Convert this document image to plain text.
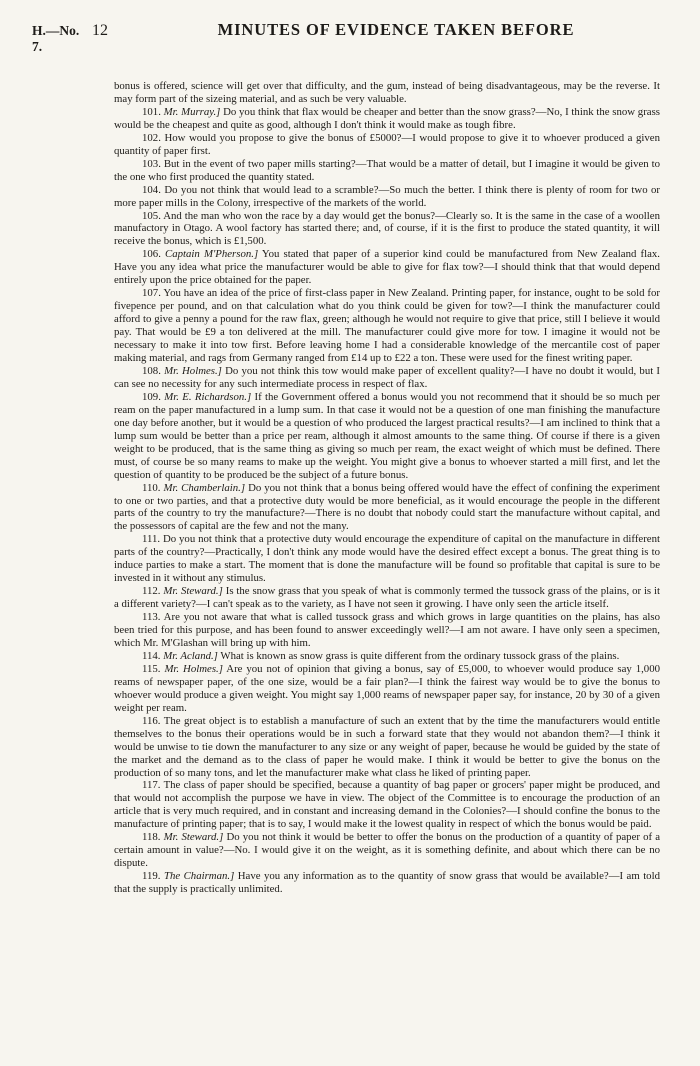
H.—No. 7.
12	MINUTES OF EVIDENCE TAKEN BEFORE

bonus is offered, science will get over that difficulty, and the gum, instead of being disadvantageous, may be the reverse. It may form part of the sizeing material, and as such be very valuable.

101. Mr. Murray.] Do you think that flax would be cheaper and better than the snow grass?—No, I think the snow grass would be the cheapest and quite as good, although I don't think it would make as tough fibre.

102. How would you propose to give the bonus of £5000?—I would propose to give it to whoever produced a given quantity of paper first.

103. But in the event of two paper mills starting?—That would be a matter of detail, but I imagine it would be given to the one who first produced the quantity stated.

104. Do you not think that would lead to a scramble?—So much the better. I think there is plenty of room for two or more paper mills in the Colony, irrespective of the markets of the world.

105. And the man who won the race by a day would get the bonus?—Clearly so. It is the same in the case of a woollen manufactory in Otago. A wool factory has started there; and, of course, if it is the first to produce the stated quantity, it will receive the bonus, which is £1,500.

106. Captain M'Pherson.] You stated that paper of a superior kind could be manufactured from New Zealand flax. Have you any idea what price the manufacturer would be able to give for flax tow?—I should think that that would depend entirely upon the price obtained for the paper.

107. You have an idea of the price of first-class paper in New Zealand. Printing paper, for instance, ought to be sold for fivepence per pound, and on that calculation what do you think could be given for tow?—I think the manufacturer could afford to give a penny a pound for the raw flax, green; although he would not require to give that price, still I believe it would pay. That would be £9 a ton delivered at the mill. The manufacturer could give more for tow. I imagine it would not be necessary to make it into tow first. Before leaving home I had a considerable knowledge of the mercantile cost of paper making material, and rags from Germany ranged from £14 up to £22 a ton. These were used for the finest writing paper.

108. Mr. Holmes.] Do you not think this tow would make paper of excellent quality?—I have no doubt it would, but I can see no necessity for any such intermediate process in respect of flax.

109. Mr. E. Richardson.] If the Government offered a bonus would you not recommend that it should be so much per ream on the paper manufactured in a lump sum. In that case it would not be a question of one man finishing the manufacture one day before another, but it would be a question of who produced the largest practical results?—I am inclined to think that a lump sum would be better than a price per ream, although it almost amounts to the same thing. Of course if there is a given weight to be produced, that is the same thing as giving so much per ream, the exact weight of which must be defined. There must, of course be so many reams to make up the weight. You might give a bonus to whoever started a mill first, and let the question of quantity to be produced be the subject of a future bonus.

110. Mr. Chamberlain.] Do you not think that a bonus being offered would have the effect of confining the experiment to one or two parties, and that a protective duty would be more beneficial, as it would encourage the people in the different parts of the country to try the manufacture?—There is no doubt that nobody could start the manufacture without capital, and the possessors of capital are the few and not the many.

111. Do you not think that a protective duty would encourage the expenditure of capital on the manufacture in different parts of the country?—Practically, I don't think any mode would have the desired effect except a bonus. The great thing is to induce parties to make a start. The moment that is done the manufacture will be found so profitable that capital is sure to be invested in it without any stimulus.

112. Mr. Steward.] Is the snow grass that you speak of what is commonly termed the tussock grass of the plains, or is it a different variety?—I can't speak as to the variety, as I have not seen it growing. I have only seen the article itself.

113. Are you not aware that what is called tussock grass and which grows in large quantities on the plains, has also been tried for this purpose, and has been found to answer exceedingly well?—I am not aware. I have only seen a specimen, which Mr. M'Glashan will bring up with him.

114. Mr. Acland.] What is known as snow grass is quite different from the ordinary tussock grass of the plains.

115. Mr. Holmes.] Are you not of opinion that giving a bonus, say of £5,000, to whoever would produce say 1,000 reams of newspaper paper, of the one size, would be a fair plan?—I think the fairest way would be to give the bonus to whoever would produce a given weight. You might say 1,000 reams of newspaper paper say, for instance, 20 by 30 of a given weight per ream.

116. The great object is to establish a manufacture of such an extent that by the time the manufacturers would entitle themselves to the bonus their operations would be in such a forward state that they would not abandon them?—I think it would be unwise to tie down the manufacturer to any size or any weight of paper, because he would be guided by the state of the market and the demand as to the class of paper he would make. I think it would be better to give the bonus on the production of so many tons, and let the manufacturer make what class he liked of printing paper.

117. The class of paper should be specified, because a quantity of bag paper or grocers' paper might be produced, and that would not accomplish the purpose we have in view. The object of the Committee is to encourage the production of an article that is very much required, and in constant and increasing demand in the Colonies?—I should confine the bonus to the manufacture of printing paper; that is to say, I would make it the lowest quality in respect of which the bonus would be paid.

118. Mr. Steward.] Do you not think it would be better to offer the bonus on the production of a quantity of paper of a certain amount in value?—No. I would give it on the weight, as it is something definite, and about which there can be no dispute.

119. The Chairman.] Have you any information as to the quantity of snow grass that would be available?—I am told that the supply is practically unlimited.
